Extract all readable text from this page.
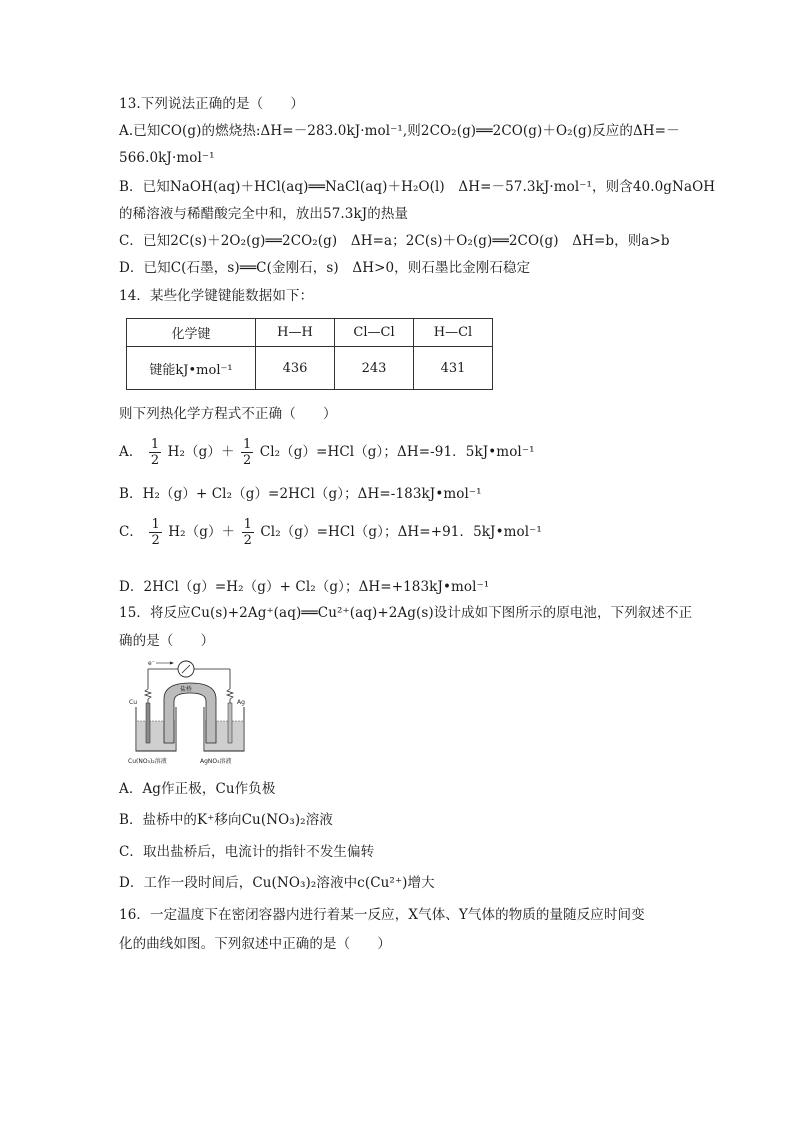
13.下列说法正确的是（　　）
A.已知CO(g)的燃烧热:ΔH=－283.0kJ·mol⁻¹,则2CO₂(g)══2CO(g)＋O₂(g)反应的ΔH=－
566.0kJ·mol⁻¹
B．已知NaOH(aq)＋HCl(aq)══NaCl(aq)＋H₂O(l)　ΔH=－57.3kJ·mol⁻¹，则含40.0gNaOH
的稀溶液与稀醋酸完全中和，放出57.3kJ的热量
C．已知2C(s)＋2O₂(g)══2CO₂(g)　ΔH=a；2C(s)＋O₂(g)══2CO(g)　ΔH=b，则a>b
D．已知C(石墨，s)══C(金刚石，s)　ΔH>0，则石墨比金刚石稳定
14．某些化学键键能数据如下：
化学键	H—H	Cl—Cl	H—Cl
键能kJ•mol⁻¹	436	243	431
则下列热化学方程式不正确（　　）
A． $\frac{1}{2} H_2(g)+ \frac{1}{2} Cl_2(g)=HCl(g)$；ΔH=-91．5kJ•mol⁻¹
B．H₂（g）+ Cl₂（g）=2HCl（g）；ΔH=-183kJ•mol⁻¹
C． $\frac{1}{2} H_2(g)+ \frac{1}{2} Cl_2(g)=HCl(g)$；ΔH=+91．5kJ•mol⁻¹
D．2HCl（g）=H₂（g）+ Cl₂（g）；ΔH=+183kJ•mol⁻¹
15．将反应Cu(s)+2Ag⁺(aq)══Cu²⁺(aq)+2Ag(s)设计成如下图所示的原电池，下列叙述不正
确的是（　　）
e⁻
Cu	Ag
盐桥
Cu(NO₃)₂溶液	AgNO₃溶液
A．Ag作正极，Cu作负极
B．盐桥中的K⁺移向Cu(NO₃)₂溶液
C．取出盐桥后，电流计的指针不发生偏转
D．工作一段时间后，Cu(NO₃)₂溶液中c(Cu²⁺)增大
16．一定温度下在密闭容器内进行着某一反应，X气体、Y气体的物质的量随反应时间变
化的曲线如图。下列叙述中正确的是（　　）
